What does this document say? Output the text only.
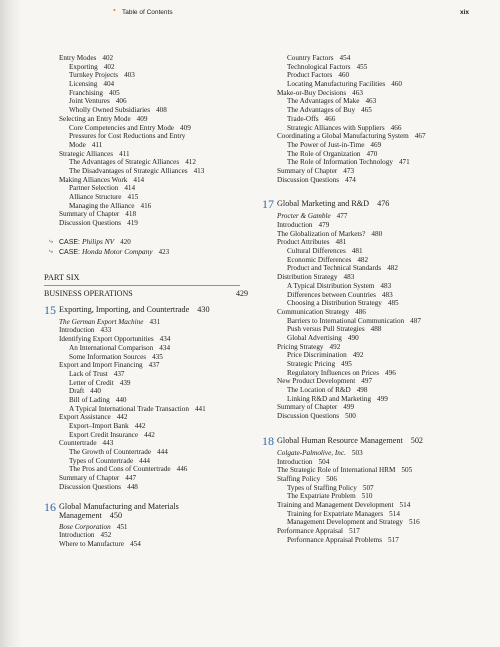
• Table of Contents	xix
Entry Modes 402
Exporting 402
Turnkey Projects 403
Licensing 404
Franchising 405
Joint Ventures 406
Wholly Owned Subsidiaries 408
Selecting an Entry Mode 409
Core Competencies and Entry Mode 409
Pressures for Cost Reductions and Entry
Mode 411
Strategic Alliances 411
The Advantages of Strategic Alliances 412
The Disadvantages of Strategic Alliances 413
Making Alliances Work 414
Partner Selection 414
Alliance Structure 415
Managing the Alliance 416
Summary of Chapter 418
Discussion Questions 419
⤷ CASE: Philips NV 420
⤷ CASE: Honda Motor Company 423
PART SIX
BUSINESS OPERATIONS	429
15 Exporting, Importing, and Countertrade 430
The German Export Machine 431
Introduction 433
Identifying Export Opportunities 434
An International Comparison 434
Some Information Sources 435
Export and Import Financing 437
Lack of Trust 437
Letter of Credit 439
Draft 440
Bill of Lading 440
A Typical International Trade Transaction 441
Export Assistance 442
Export–Import Bank 442
Export Credit Insurance 442
Countertrade 443
The Growth of Countertrade 444
Types of Countertrade 444
The Pros and Cons of Countertrade 446
Summary of Chapter 447
Discussion Questions 448
16 Global Manufacturing and Materials
Management 450
Bose Corporation 451
Introduction 452
Where to Manufacture 454
Country Factors 454
Technological Factors 455
Product Factors 460
Locating Manufacturing Facilities 460
Make-or-Buy Decisions 463
The Advantages of Make 463
The Advantages of Buy 465
Trade-Offs 466
Strategic Alliances with Suppliers 466
Coordinating a Global Manufacturing System 467
The Power of Just-in-Time 469
The Role of Organization 470
The Role of Information Technology 471
Summary of Chapter 473
Discussion Questions 474
17 Global Marketing and R&D 476
Procter & Gamble 477
Introduction 479
The Globalization of Markets? 480
Product Attributes 481
Cultural Differences 481
Economic Differences 482
Product and Technical Standards 482
Distribution Strategy 483
A Typical Distribution System 483
Differences between Countries 483
Choosing a Distribution Strategy 485
Communication Strategy 486
Barriers to International Communication 487
Push versus Pull Strategies 488
Global Advertising 490
Pricing Strategy 492
Price Discrimination 492
Strategic Pricing 495
Regulatory Influences on Prices 496
New Product Development 497
The Location of R&D 498
Linking R&D and Marketing 499
Summary of Chapter 499
Discussion Questions 500
18 Global Human Resource Management 502
Colgate-Palmolive, Inc. 503
Introduction 504
The Strategic Role of International HRM 505
Staffing Policy 506
Types of Staffing Policy 507
The Expatriate Problem 510
Training and Management Development 514
Training for Expatriate Managers 514
Management Development and Strategy 516
Performance Appraisal 517
Performance Appraisal Problems 517
